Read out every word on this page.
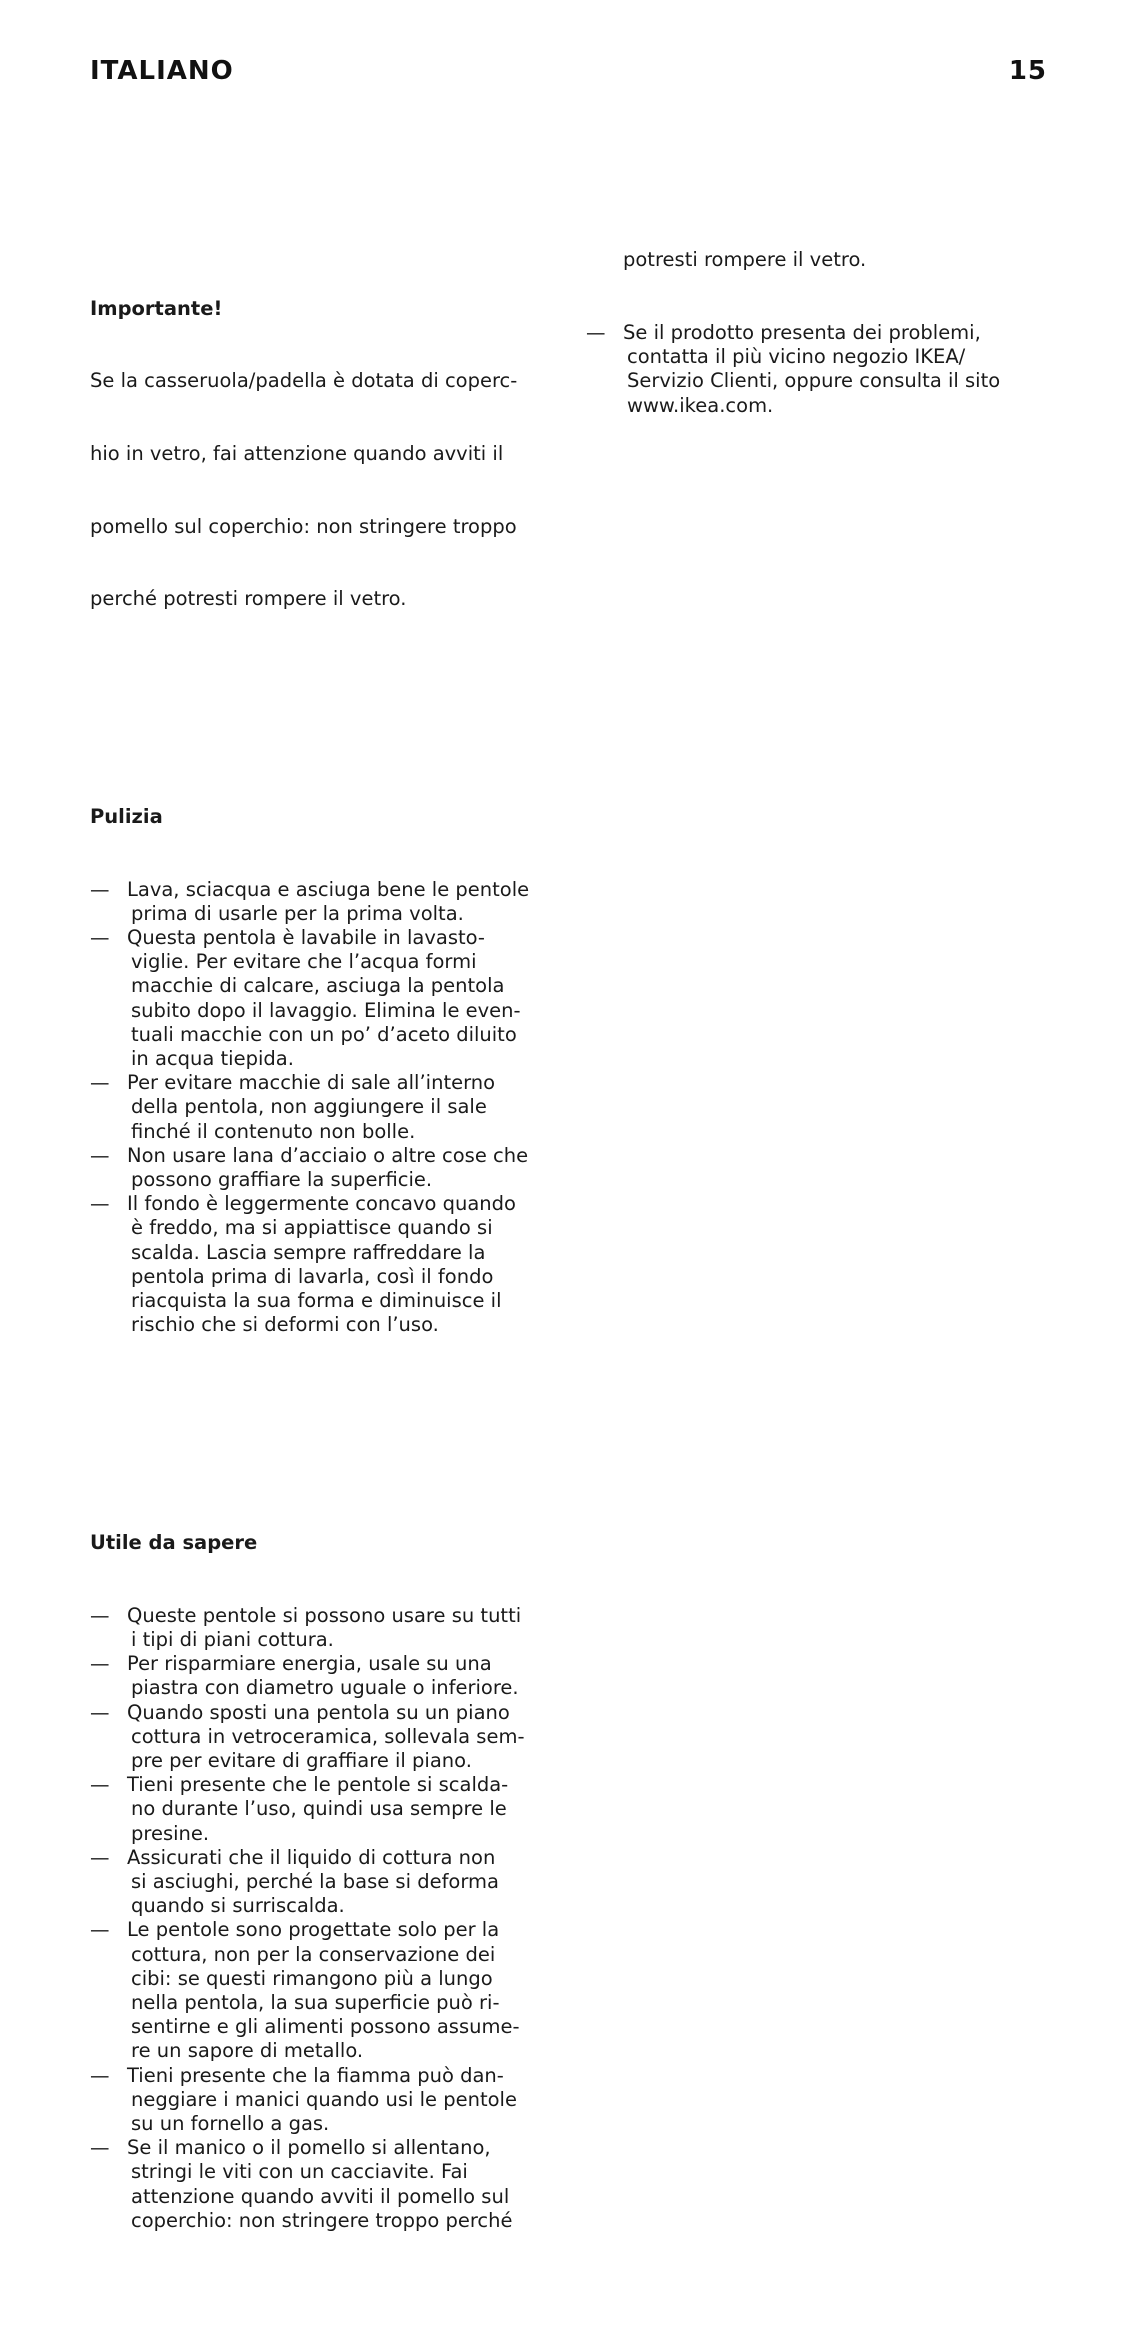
ITALIANO	15

Importante!

Se la casseruola/padella è dotata di coperc-

hio in vetro, fai attenzione quando avviti il

pomello sul coperchio: non stringere troppo

perché potresti rompere il vetro.

Pulizia

— Lava, sciacqua e asciuga bene le pentole
prima di usarle per la prima volta.
— Questa pentola è lavabile in lavasto-
viglie. Per evitare che l’acqua formi
macchie di calcare, asciuga la pentola
subito dopo il lavaggio. Elimina le even-
tuali macchie con un po’ d’aceto diluito
in acqua tiepida.
— Per evitare macchie di sale all’interno
della pentola, non aggiungere il sale
finché il contenuto non bolle.
— Non usare lana d’acciaio o altre cose che
possono graffiare la superficie.
— Il fondo è leggermente concavo quando
è freddo, ma si appiattisce quando si
scalda. Lascia sempre raffreddare la
pentola prima di lavarla, così il fondo
riacquista la sua forma e diminuisce il
rischio che si deformi con l’uso.

Utile da sapere

— Queste pentole si possono usare su tutti
i tipi di piani cottura.
— Per risparmiare energia, usale su una
piastra con diametro uguale o inferiore.
— Quando sposti una pentola su un piano
cottura in vetroceramica, sollevala sem-
pre per evitare di graffiare il piano.
— Tieni presente che le pentole si scalda-
no durante l’uso, quindi usa sempre le
presine.
— Assicurati che il liquido di cottura non
si asciughi, perché la base si deforma
quando si surriscalda.
— Le pentole sono progettate solo per la
cottura, non per la conservazione dei
cibi: se questi rimangono più a lungo
nella pentola, la sua superficie può ri-
sentirne e gli alimenti possono assume-
re un sapore di metallo.
— Tieni presente che la fiamma può dan-
neggiare i manici quando usi le pentole
su un fornello a gas.
— Se il manico o il pomello si allentano,
stringi le viti con un cacciavite. Fai
attenzione quando avviti il pomello sul
coperchio: non stringere troppo perché

potresti rompere il vetro.

— Se il prodotto presenta dei problemi,
contatta il più vicino negozio IKEA/
Servizio Clienti, oppure consulta il sito
www.ikea.com.
